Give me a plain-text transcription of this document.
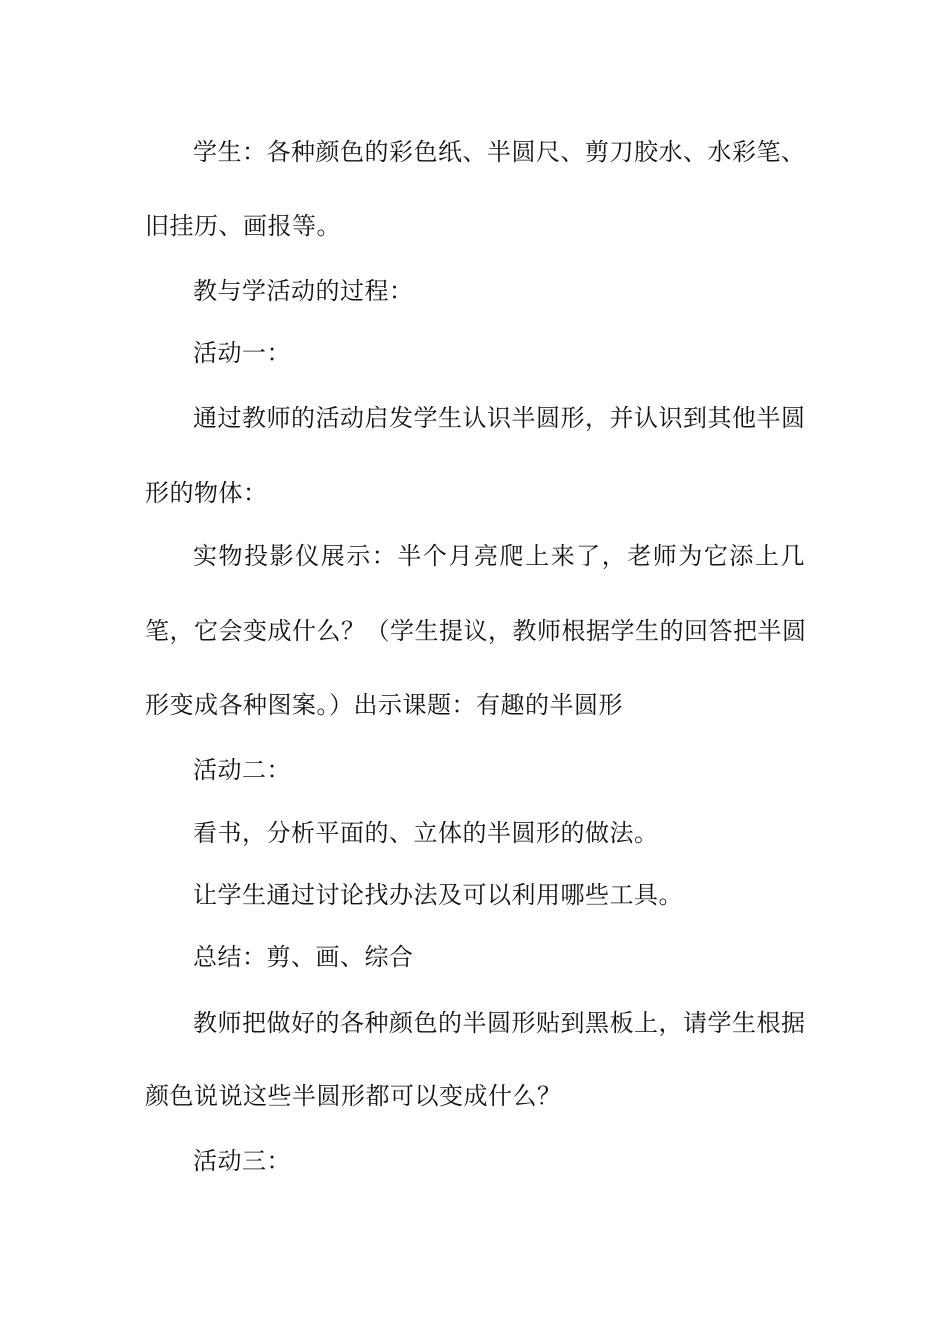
学生：各种颜色的彩色纸、半圆尺、剪刀胶水、水彩笔、
旧挂历、画报等。
教与学活动的过程：
活动一：
通过教师的活动启发学生认识半圆形，并认识到其他半圆
形的物体：
实物投影仪展示：半个月亮爬上来了，老师为它添上几
笔，它会变成什么？（学生提议，教师根据学生的回答把半圆
形变成各种图案。）出示课题：有趣的半圆形
活动二：
看书，分析平面的、立体的半圆形的做法。
让学生通过讨论找办法及可以利用哪些工具。
总结：剪、画、综合
教师把做好的各种颜色的半圆形贴到黑板上，请学生根据
颜色说说这些半圆形都可以变成什么？
活动三：
